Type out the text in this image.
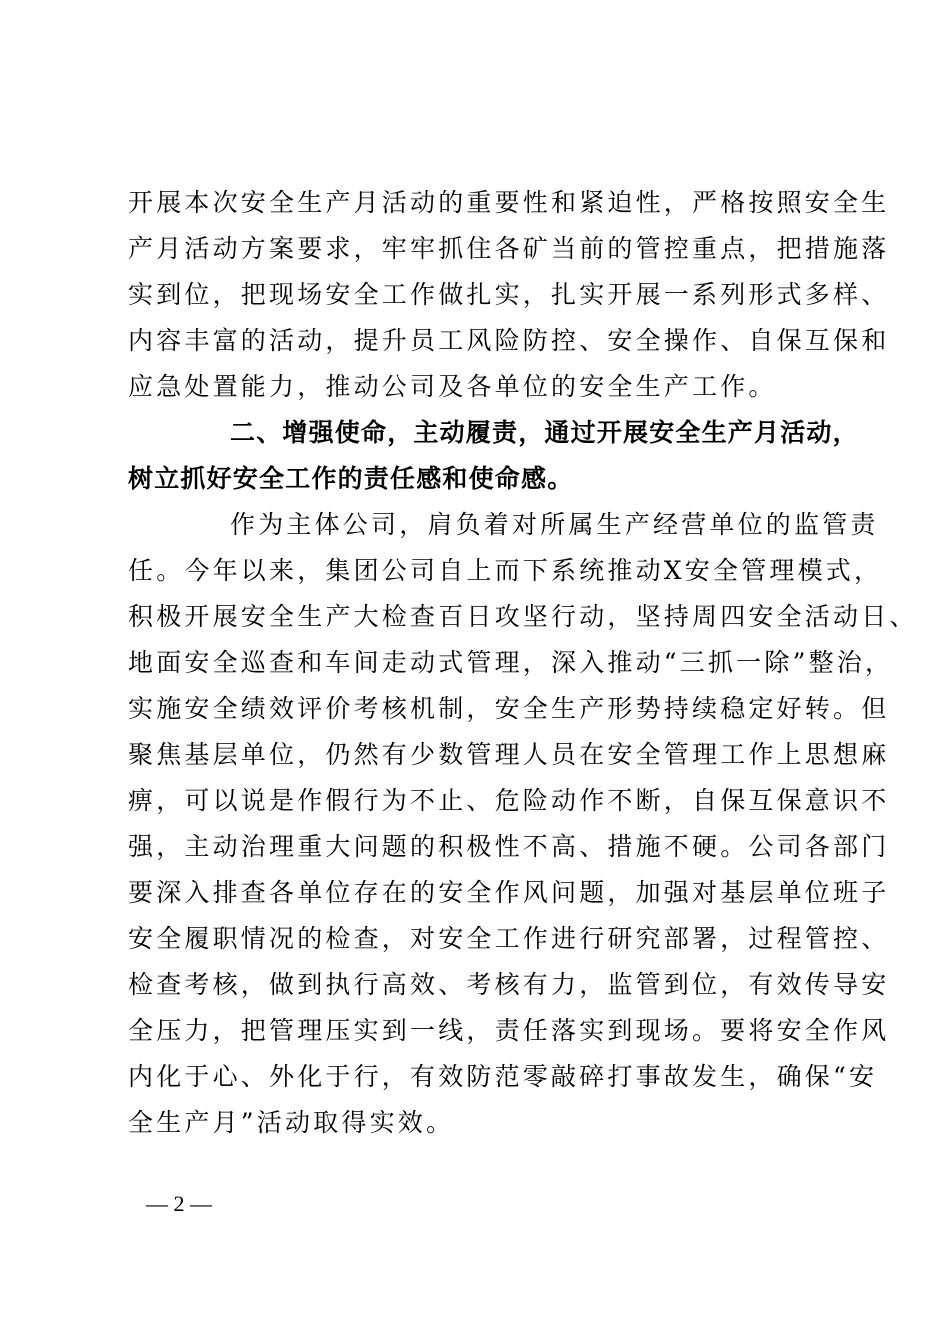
开展本次安全生产月活动的重要性和紧迫性，严格按照安全生
产月活动方案要求，牢牢抓住各矿当前的管控重点，把措施落
实到位，把现场安全工作做扎实，扎实开展一系列形式多样、
内容丰富的活动，提升员工风险防控、安全操作、自保互保和
应急处置能力，推动公司及各单位的安全生产工作。
二、增强使命，主动履责，通过开展安全生产月活动，
树立抓好安全工作的责任感和使命感。
作为主体公司，肩负着对所属生产经营单位的监管责
任。今年以来，集团公司自上而下系统推动X安全管理模式，
积极开展安全生产大检查百日攻坚行动，坚持周四安全活动日、
地面安全巡查和车间走动式管理，深入推动“三抓一除”整治，
实施安全绩效评价考核机制，安全生产形势持续稳定好转。但
聚焦基层单位，仍然有少数管理人员在安全管理工作上思想麻
痹，可以说是作假行为不止、危险动作不断，自保互保意识不
强，主动治理重大问题的积极性不高、措施不硬。公司各部门
要深入排查各单位存在的安全作风问题，加强对基层单位班子
安全履职情况的检查，对安全工作进行研究部署，过程管控、
检查考核，做到执行高效、考核有力，监管到位，有效传导安
全压力，把管理压实到一线，责任落实到现场。要将安全作风
内化于心、外化于行，有效防范零敲碎打事故发生，确保“安
全生产月”活动取得实效。
— 2 —
